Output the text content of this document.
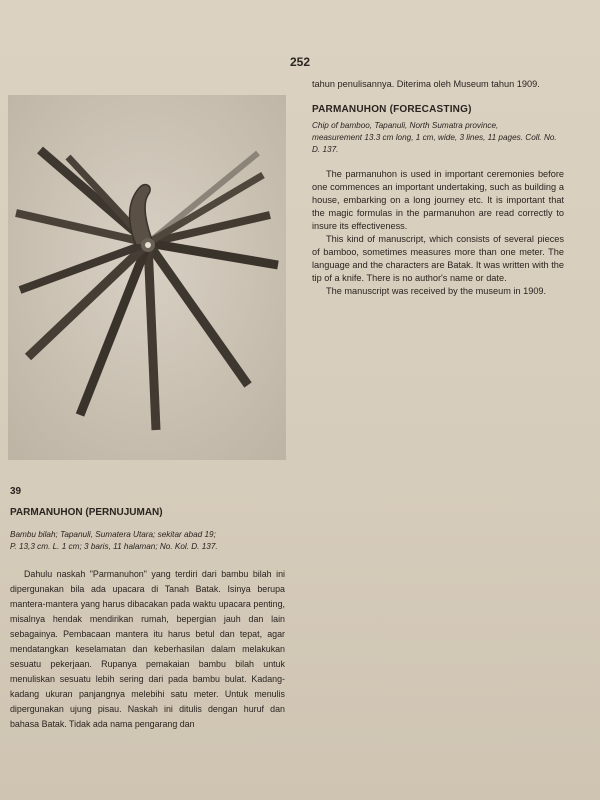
252

tahun penulisannya. Diterima oleh Museum tahun 1909.

PARMANUHON (FORECASTING)
Chip of bamboo, Tapanuli, North Sumatra province,
measurement 13.3 cm long, 1 cm, wide, 3 lines, 11 pages. Coll. No. D. 137.

The parmanuhon is used in important ceremonies before one commences an important undertaking, such as building a house, embarking on a long journey etc. It is important that the magic formulas in the parmanuhon are read correctly to insure its effectiveness.

This kind of manuscript, which consists of several pieces of bamboo, sometimes measures more than one meter. The language and the characters are Batak. It was written with the tip of a knife. There is no author's name or date.

The manuscript was received by the museum in 1909.

39
PARMANUHON (PERNUJUMAN)
Bambu bilah; Tapanuli, Sumatera Utara; sekitar abad 19;
P. 13,3 cm. L. 1 cm; 3 baris, 11 halaman; No. Kol. D. 137.

Dahulu naskah "Parmanuhon" yang terdiri dari bambu bilah ini dipergunakan bila ada upacara di Tanah Batak. Isinya berupa mantera-mantera yang harus dibacakan pada waktu upacara penting, misalnya hendak mendirikan rumah, bepergian jauh dan lain sebagainya. Pembacaan mantera itu harus betul dan tepat, agar mendatangkan keselamatan dan keberhasilan dalam melakukan sesuatu pekerjaan. Rupanya pemakaian bambu bilah untuk menuliskan sesuatu lebih sering dari pada bambu bulat. Kadang-kadang ukuran panjangnya melebihi satu meter. Untuk menulis dipergunakan ujung pisau. Naskah ini ditulis dengan huruf dan bahasa Batak. Tidak ada nama pengarang dan
